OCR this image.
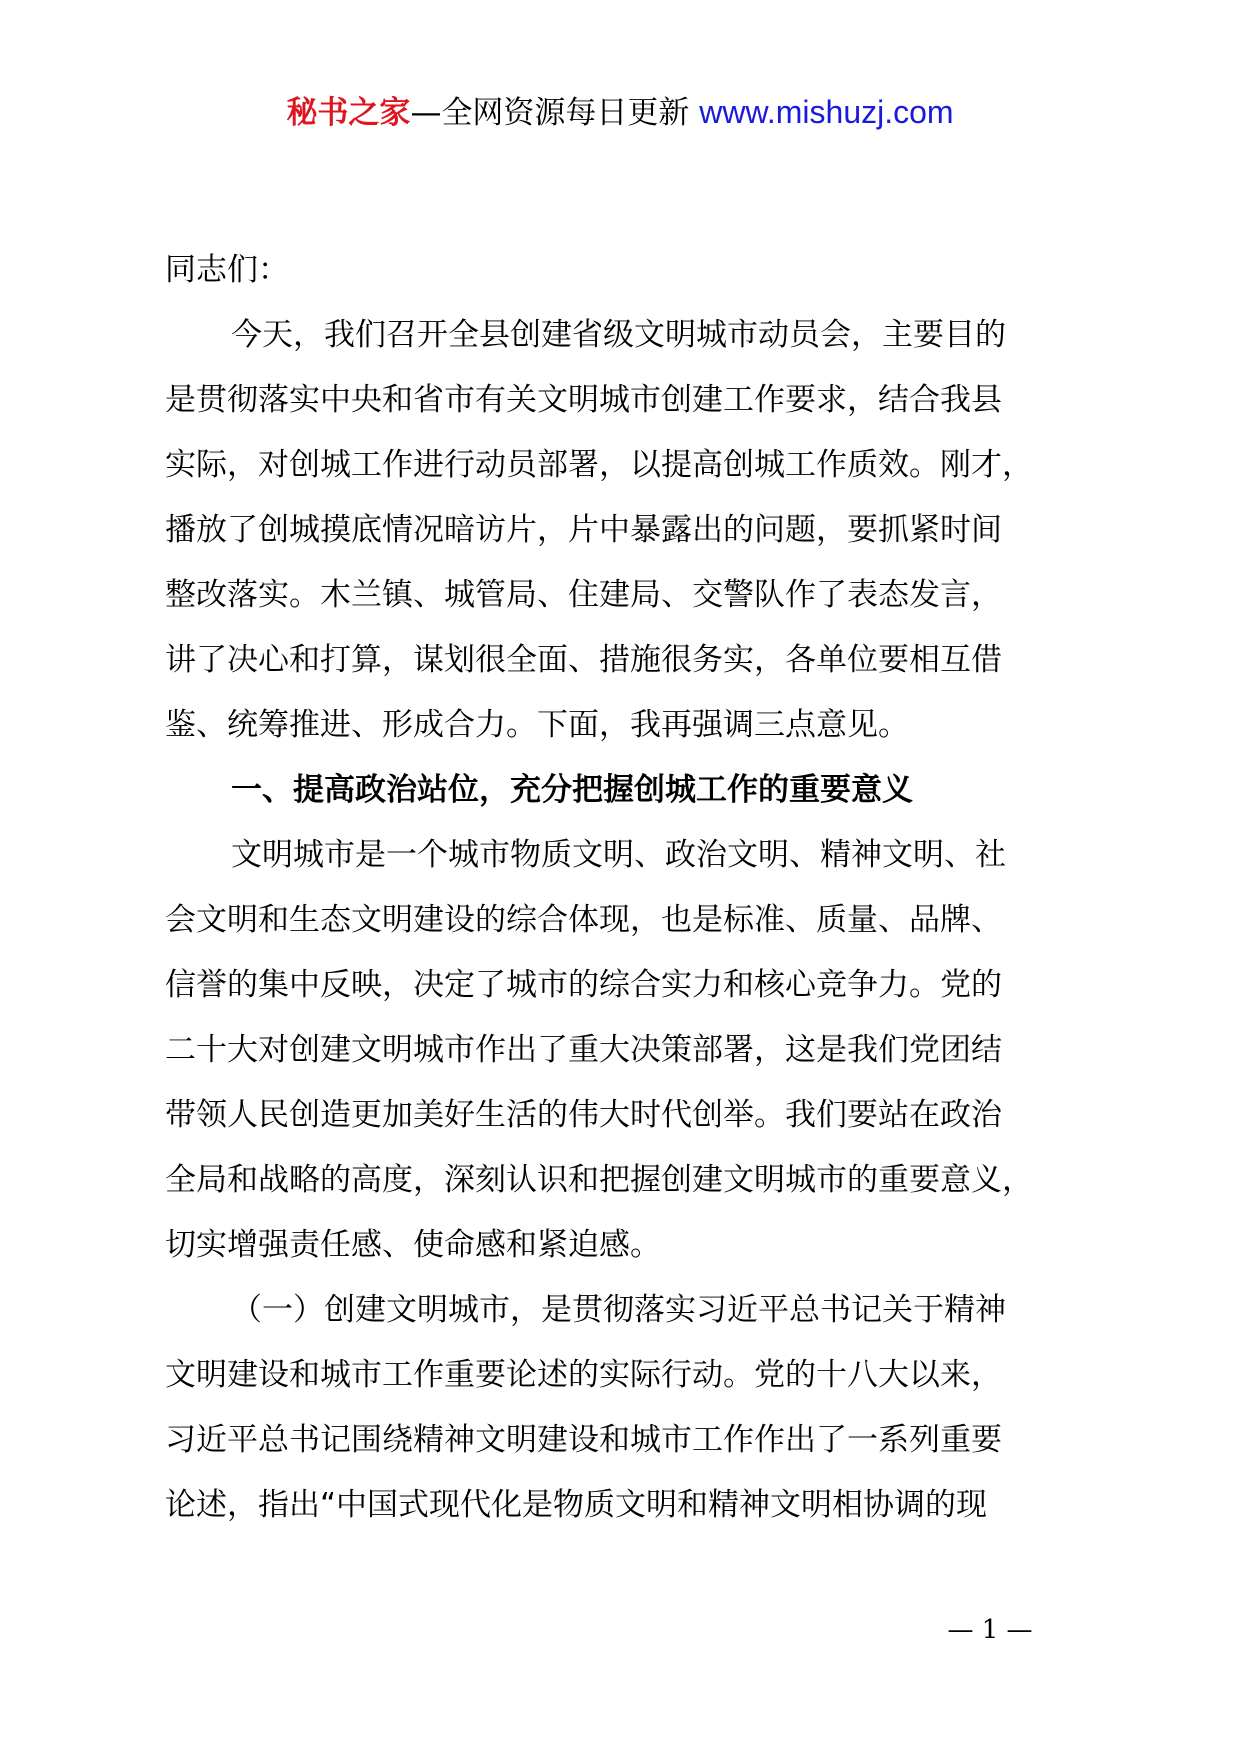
秘书之家—全网资源每日更新 www.mishuzj.com
同志们：
今天，我们召开全县创建省级文明城市动员会，主要目的
是贯彻落实中央和省市有关文明城市创建工作要求，结合我县
实际，对创城工作进行动员部署，以提高创城工作质效。刚才，
播放了创城摸底情况暗访片，片中暴露出的问题，要抓紧时间
整改落实。木兰镇、城管局、住建局、交警队作了表态发言，
讲了决心和打算，谋划很全面、措施很务实，各单位要相互借
鉴、统筹推进、形成合力。下面，我再强调三点意见。
一、提高政治站位，充分把握创城工作的重要意义
文明城市是一个城市物质文明、政治文明、精神文明、社
会文明和生态文明建设的综合体现，也是标准、质量、品牌、
信誉的集中反映，决定了城市的综合实力和核心竞争力。党的
二十大对创建文明城市作出了重大决策部署，这是我们党团结
带领人民创造更加美好生活的伟大时代创举。我们要站在政治
全局和战略的高度，深刻认识和把握创建文明城市的重要意义，
切实增强责任感、使命感和紧迫感。
（一）创建文明城市，是贯彻落实习近平总书记关于精神
文明建设和城市工作重要论述的实际行动。党的十八大以来，
习近平总书记围绕精神文明建设和城市工作作出了一系列重要
论述，指出“中国式现代化是物质文明和精神文明相协调的现
— 1 —
